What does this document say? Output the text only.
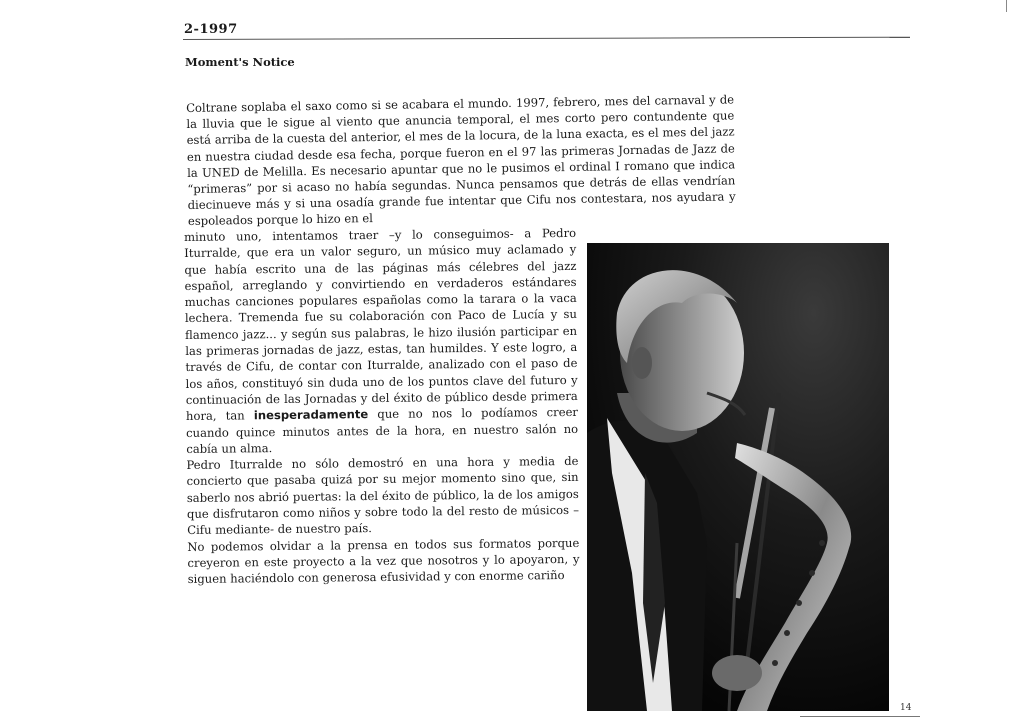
2-1997
Moment's Notice

Coltrane soplaba el saxo como si se acabara el mundo. 1997, febrero, mes del carnaval y de la lluvia que le sigue al viento que anuncia temporal, el mes corto pero contundente que está arriba de la cuesta del anterior, el mes de la locura, de la luna exacta, es el mes del jazz en nuestra ciudad desde esa fecha, porque fueron en el 97 las primeras Jornadas de Jazz de la UNED de Melilla. Es necesario apuntar que no le pusimos el ordinal I romano que indica “primeras” por si acaso no había segundas. Nunca pensamos que detrás de ellas vendrían diecinueve más y si una osadía grande fue intentar que Cifu nos contestara, nos ayudara y espoleados porque lo hizo en el

minuto uno, intentamos traer –y lo conseguimos- a Pedro Iturralde, que era un valor seguro, un músico muy aclamado y que había escrito una de las páginas más célebres del jazz español, arreglando y convirtiendo en verdaderos estándares muchas canciones populares españolas como la tarara o la vaca lechera. Tremenda fue su colaboración con Paco de Lucía y su flamenco jazz... y según sus palabras, le hizo ilusión participar en las primeras jornadas de jazz, estas, tan humildes. Y este logro, a través de Cifu, de contar con Iturralde, analizado con el paso de los años, constituyó sin duda uno de los puntos clave del futuro y continuación de las Jornadas y del éxito de público desde primera hora, tan inesperadamente que no nos lo podíamos creer cuando quince minutos antes de la hora, en nuestro salón no cabía un alma.

Pedro Iturralde no sólo demostró en una hora y media de concierto que pasaba quizá por su mejor momento sino que, sin saberlo nos abrió puertas: la del éxito de público, la de los amigos que disfrutaron como niños y sobre todo la del resto de músicos –Cifu mediante- de nuestro país.

No podemos olvidar a la prensa en todos sus formatos porque creyeron en este proyecto a la vez que nosotros y lo apoyaron, y siguen haciéndolo con generosa efusividad y con enorme cariño

14
